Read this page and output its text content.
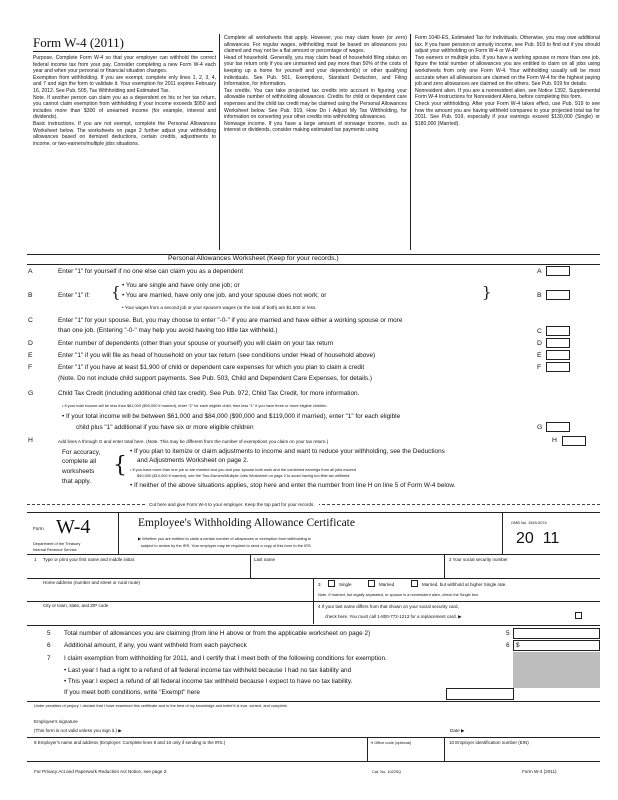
Form W-4 (2011)
Purpose. Complete Form W-4 so that your employer can withhold the correct federal income tax from your pay. Consider completing a new Form W-4 each year and when your personal or financial situation changes.
Exemption from withholding. If you are exempt, complete only lines 1, 2, 3, 4, and 7 and sign the form to validate it. Your exemption for 2011 expires February 16, 2012. See Pub. 505, Tax Withholding and Estimated Tax.
Note. If another person can claim you as a dependent on his or her tax return, you cannot claim exemption from withholding if your income exceeds $950 and includes more than $300 of unearned income (for example, interest and dividends).
Basic instructions. If you are not exempt, complete the Personal Allowances Worksheet below. The worksheets on page 2 further adjust your withholding allowances based on itemized deductions, certain credits, adjustments to income, or two-earners/multiple jobs situations.
Complete all worksheets that apply. However, you may claim fewer (or zero) allowances. For regular wages, withholding must be based on allowances you claimed and may not be a flat amount or percentage of wages.
Head of household. Generally, you may claim head of household filing status on your tax return only if you are unmarried and pay more than 50% of the costs of keeping up a home for yourself and your dependent(s) or other qualifying individuals. See Pub. 501, Exemptions, Standard Deduction, and Filing Information, for information.
Tax credits. You can take projected tax credits into account in figuring your allowable number of withholding allowances. Credits for child or dependent care expenses and the child tax credit may be claimed using the Personal Allowances Worksheet below. See Pub. 919, How Do I Adjust My Tax Withholding, for information on converting your other credits into withholding allowances.
Nonwage income. If you have a large amount of nonwage income, such as interest or dividends, consider making estimated tax payments using
Form 1040-ES, Estimated Tax for Individuals. Otherwise, you may owe additional tax. If you have pension or annuity income, see Pub. 919 to find out if you should adjust your withholding on Form W-4 or W-4P.
Two earners or multiple jobs. If you have a working spouse or more than one job, figure the total number of allowances you are entitled to claim on all jobs using worksheets from only one Form W-4. Your withholding usually will be most accurate when all allowances are claimed on the Form W-4 for the highest paying job and zero allowances are claimed on the others. See Pub. 919 for details.
Nonresident alien. If you are a nonresident alien, see Notice 1392, Supplemental Form W-4 Instructions for Nonresident Aliens, before completing this form.
Check your withholding. After your Form W-4 takes effect, use Pub. 919 to see how the amount you are having withheld compares to your projected total tax for 2011. See Pub. 919, especially if your earnings exceed $130,000 (Single) or $180,000 (Married).
Personal Allowances Worksheet (Keep for your records.)
A	Enter "1" for yourself if no one else can claim you as a dependent	A
• You are single and have only one job; or
B	Enter "1" if: { • You are married, have only one job, and your spouse does not work; or	}	B
• Your wages from a second job or your spouse's wages (or the total of both) are $1,500 or less.
C	Enter "1" for your spouse. But, you may choose to enter "-0-" if you are married and have either a working spouse or more
than one job. (Entering "-0-" may help you avoid having too little tax withheld.)	C
D	Enter number of dependents (other than your spouse or yourself) you will claim on your tax return	D
E	Enter "1" if you will file as head of household on your tax return (see conditions under Head of household above)	E
F	Enter "1" if you have at least $1,900 of child or dependent care expenses for which you plan to claim a credit	F
(Note. Do not include child support payments. See Pub. 503, Child and Dependent Care Expenses, for details.)
G	Child Tax Credit (including additional child tax credit). See Pub. 972, Child Tax Credit, for more information.
• If your total income will be less than $61,000 ($90,000 if married), enter "2" for each eligible child; then less "1" if you have three or more eligible children.
• If your total income will be between $61,000 and $84,000 ($90,000 and $119,000 if married), enter "1" for each eligible
child plus "1" additional if you have six or more eligible children	G
H	Add lines A through G and enter total here. (Note. This may be different from the number of exemptions you claim on your tax return.)	H
For accuracy,
complete all
worksheets
that apply.
{
• If you plan to itemize or claim adjustments to income and want to reduce your withholding, see the Deductions
and Adjustments Worksheet on page 2.
• If you have more than one job or are married and you and your spouse both work and the combined earnings from all jobs exceed
$40,000 ($10,000 if married), see the Two-Earners/Multiple Jobs Worksheet on page 2 to avoid having too little tax withheld.
• If neither of the above situations applies, stop here and enter the number from line H on line 5 of Form W-4 below.
Cut here and give Form W-4 to your employer. Keep the top part for your records.
Form W-4
Department of the Treasury
Internal Revenue Service
Employee's Withholding Allowance Certificate
▶ Whether you are entitled to claim a certain number of allowances or exemption from withholding is
subject to review by the IRS. Your employer may be required to send a copy of this form to the IRS.
OMB No. 1545-0074
20  11
1 Type or print your first name and middle initial.	Last name	2 Your social security number
Home address (number and street or rural route)	3	Single	Married	Married, but withhold at higher Single rate.
Note. If married, but legally separated, or spouse is a nonresident alien, check the Single box.
City or town, state, and ZIP code	4 If your last name differs from that shown on your social security card,
check here. You must call 1-800-772-1213 for a replacement card. ▶
5 Total number of allowances you are claiming (from line H above or from the applicable worksheet on page 2)	5
6 Additional amount, if any, you want withheld from each paycheck	6 $
7 I claim exemption from withholding for 2011, and I certify that I meet both of the following conditions for exemption.
• Last year I had a right to a refund of all federal income tax withheld because I had no tax liability and
• This year I expect a refund of all federal income tax withheld because I expect to have no tax liability.
If you meet both conditions, write "Exempt" here
Under penalties of perjury, I declare that I have examined this certificate and to the best of my knowledge and belief it is true, correct, and complete.
Employee's signature
(This form is not valid unless you sign it.) ▶	Date ▶
8 Employer's name and address (Employer: Complete lines 8 and 10 only if sending to the IRS.)	9 Office code (optional)	10 Employer identification number (EIN)
For Privacy Act and Paperwork Reduction Act Notice, see page 2.	Cat. No. 10220Q	Form W-4 (2011)
